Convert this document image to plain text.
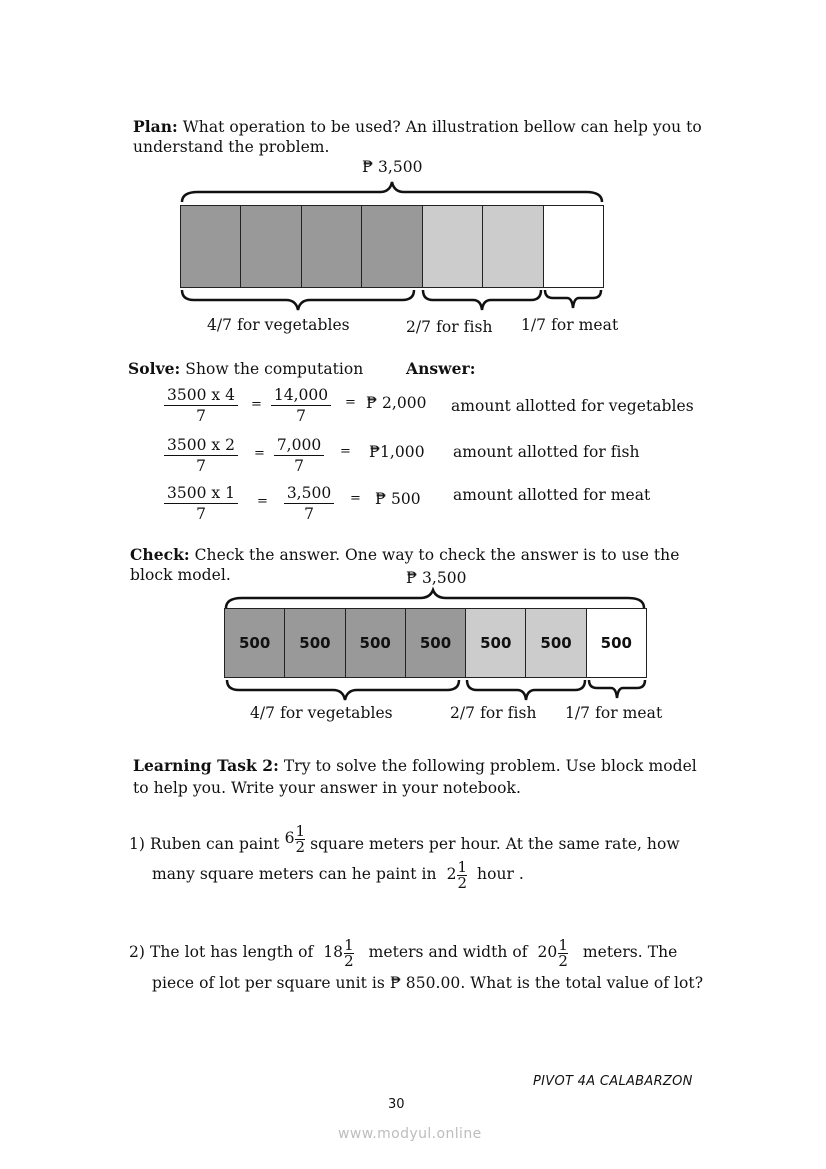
Plan: What operation to be used? An illustration bellow can help you to
understand the problem.
₱ 3,500
4/7 for vegetables	2/7 for fish 1/7 for meat
Solve: Show the computation	Answer:
$\frac{3500 x 4}{7} = \frac{14,000}{7}$ = ₱ 2,000 amount allotted for vegetables
$\frac{3500 x 2}{7} = \frac{7,000}{7}$ = ₱1,000 amount allotted for fish
$\frac{3500 x 1}{7} = \frac{3,500}{7}$ = ₱ 500 amount allotted for meat
Check: Check the answer. One way to check the answer is to use the
block model.	₱ 3,500
500	500	500	500	500	500	500
4/7 for vegetables	2/7 for fish 1/7 for meat
Learning Task 2: Try to solve the following problem. Use block model
to help you. Write your answer in your notebook.
1) Ruben can paint $6 \frac{1}{2}$ square meters per hour. At the same rate, how
many square meters can he paint in $2 \frac{1}{2}$ hour .
2) The lot has length of $18 \frac{1}{2}$ meters and width of $20 \frac{1}{2}$ meters. The
piece of lot per square unit is ₱ 850.00. What is the total value of lot?
PIVOT 4A CALABARZON
30
www.modyul.online
